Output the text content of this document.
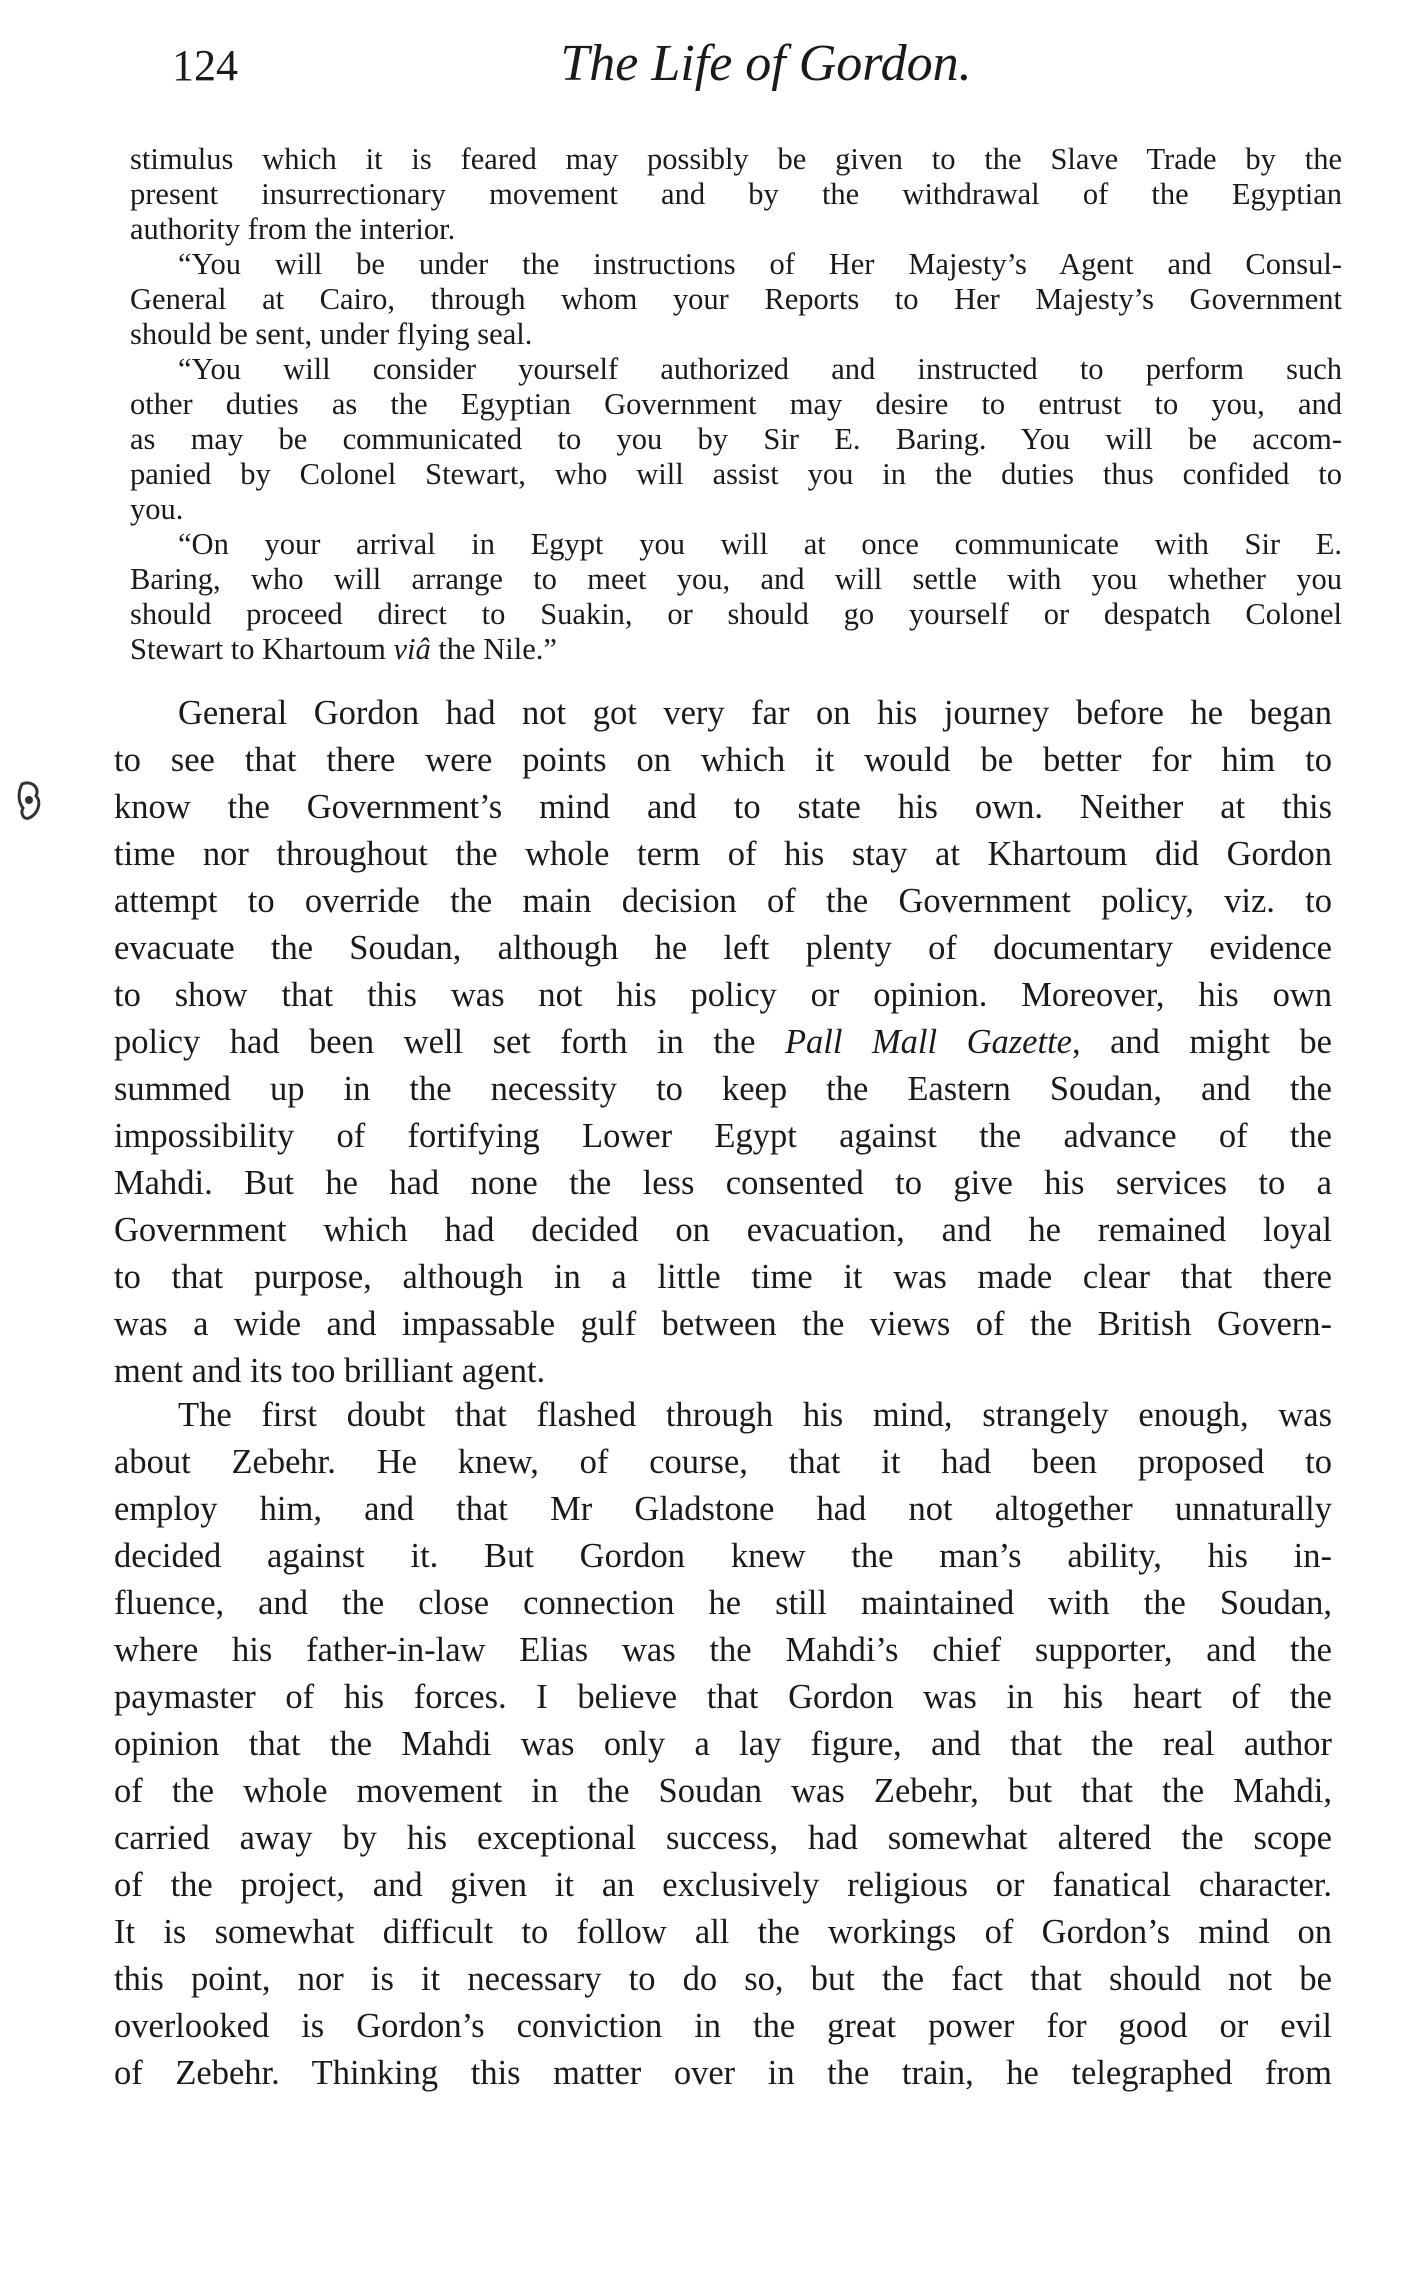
124	The Life of Gordon.
stimulus which it is feared may possibly be given to the Slave Trade by the
present insurrectionary movement and by the withdrawal of the Egyptian
authority from the interior.
“You will be under the instructions of Her Majesty’s Agent and Consul-
General at Cairo, through whom your Reports to Her Majesty’s Government
should be sent, under flying seal.
“You will consider yourself authorized and instructed to perform such
other duties as the Egyptian Government may desire to entrust to you, and
as may be communicated to you by Sir E. Baring. You will be accom-
panied by Colonel Stewart, who will assist you in the duties thus confided to
you.
“On your arrival in Egypt you will at once communicate with Sir E.
Baring, who will arrange to meet you, and will settle with you whether you
should proceed direct to Suakin, or should go yourself or despatch Colonel
Stewart to Khartoum viâ the Nile.”
General Gordon had not got very far on his journey before he began
to see that there were points on which it would be better for him to
know the Government’s mind and to state his own. Neither at this
time nor throughout the whole term of his stay at Khartoum did Gordon
attempt to override the main decision of the Government policy, viz. to
evacuate the Soudan, although he left plenty of documentary evidence
to show that this was not his policy or opinion. Moreover, his own
policy had been well set forth in the Pall Mall Gazette, and might be
summed up in the necessity to keep the Eastern Soudan, and the
impossibility of fortifying Lower Egypt against the advance of the
Mahdi. But he had none the less consented to give his services to a
Government which had decided on evacuation, and he remained loyal
to that purpose, although in a little time it was made clear that there
was a wide and impassable gulf between the views of the British Govern-
ment and its too brilliant agent.
The first doubt that flashed through his mind, strangely enough, was
about Zebehr. He knew, of course, that it had been proposed to
employ him, and that Mr Gladstone had not altogether unnaturally
decided against it. But Gordon knew the man’s ability, his in-
fluence, and the close connection he still maintained with the Soudan,
where his father-in-law Elias was the Mahdi’s chief supporter, and the
paymaster of his forces. I believe that Gordon was in his heart of the
opinion that the Mahdi was only a lay figure, and that the real author
of the whole movement in the Soudan was Zebehr, but that the Mahdi,
carried away by his exceptional success, had somewhat altered the scope
of the project, and given it an exclusively religious or fanatical character.
It is somewhat difficult to follow all the workings of Gordon’s mind on
this point, nor is it necessary to do so, but the fact that should not be
overlooked is Gordon’s conviction in the great power for good or evil
of Zebehr. Thinking this matter over in the train, he telegraphed from
